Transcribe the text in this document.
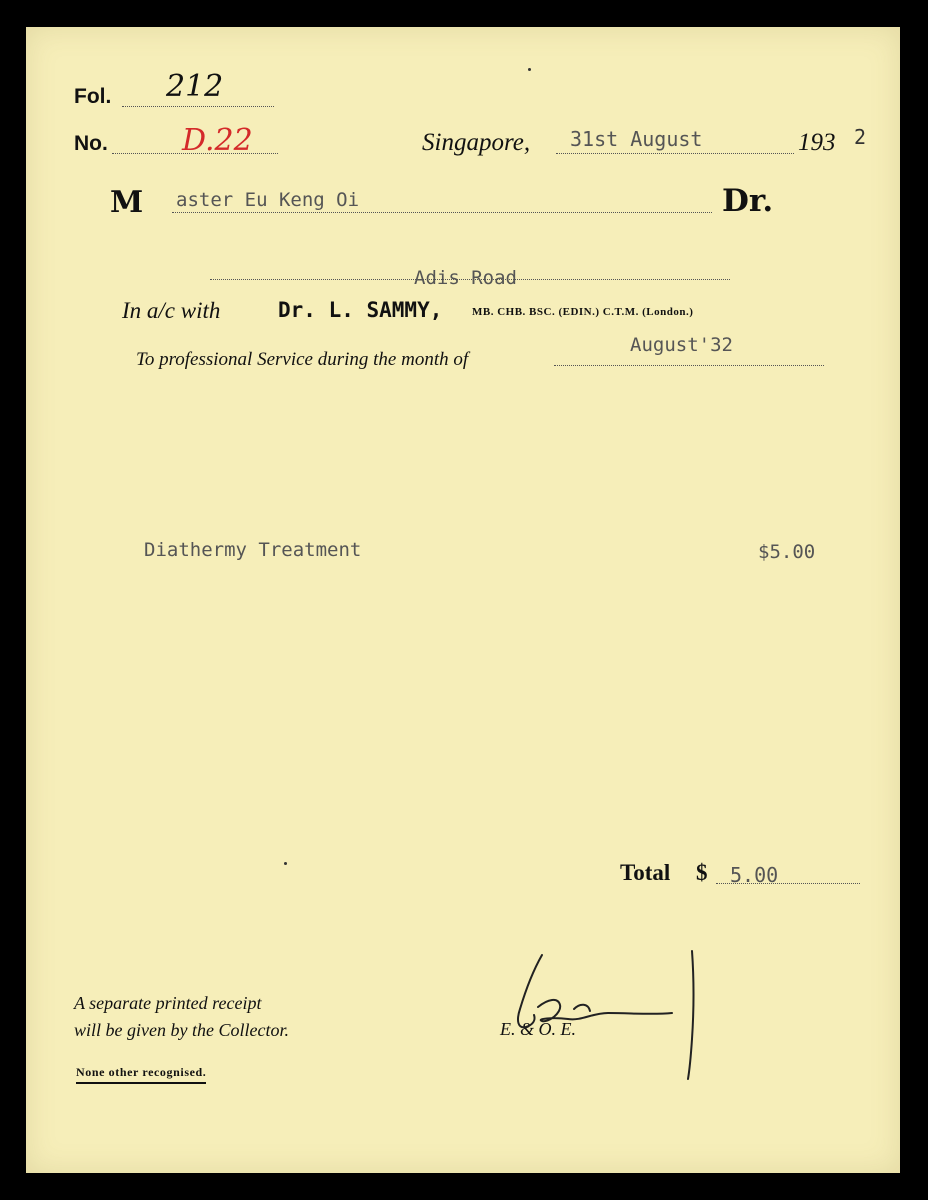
Fol. 212
No. D.22	Singapore, 31st August	193 2
M aster Eu Keng Oi	Dr.
Adis Road
In a/c with	Dr. L. SAMMY,	MB. CHB. BSC. (EDIN.) C.T.M. (London.)
To professional Service during the month of
August'32
Diathermy Treatment	$5.00
Total $ 5.00
A separate printed receipt
will be given by the Collector.
None other recognised.
E. & O. E.
